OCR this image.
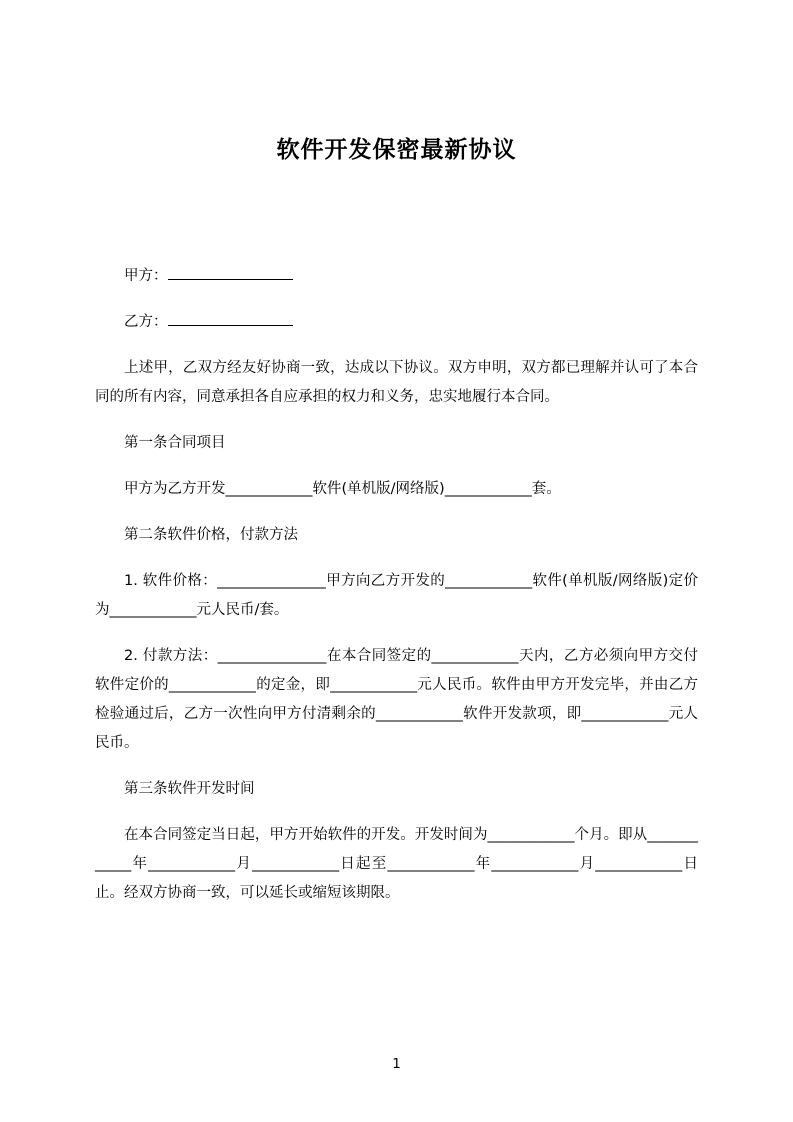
软件开发保密最新协议

甲方：

乙方：

上述甲，乙双方经友好协商一致，达成以下协议。双方申明，双方都已理解并认可了本合同的所有内容，同意承担各自应承担的权力和义务，忠实地履行本合同。

第一条合同项目

甲方为乙方开发____________软件(单机版/网络版)____________套。

第二条软件价格，付款方法

1. 软件价格：_______________甲方向乙方开发的____________软件(单机版/网络版)定价为____________元人民币/套。

2. 付款方法：_______________在本合同签定的____________天内，乙方必须向甲方交付软件定价的____________的定金，即____________元人民币。软件由甲方开发完毕，并由乙方检验通过后，乙方一次性向甲方付清剩余的____________软件开发款项，即____________元人民币。

第三条软件开发时间

在本合同签定当日起，甲方开始软件的开发。开发时间为____________个月。即从____________年____________月____________日起至____________年____________月____________日止。经双方协商一致，可以延长或缩短该期限。

1
